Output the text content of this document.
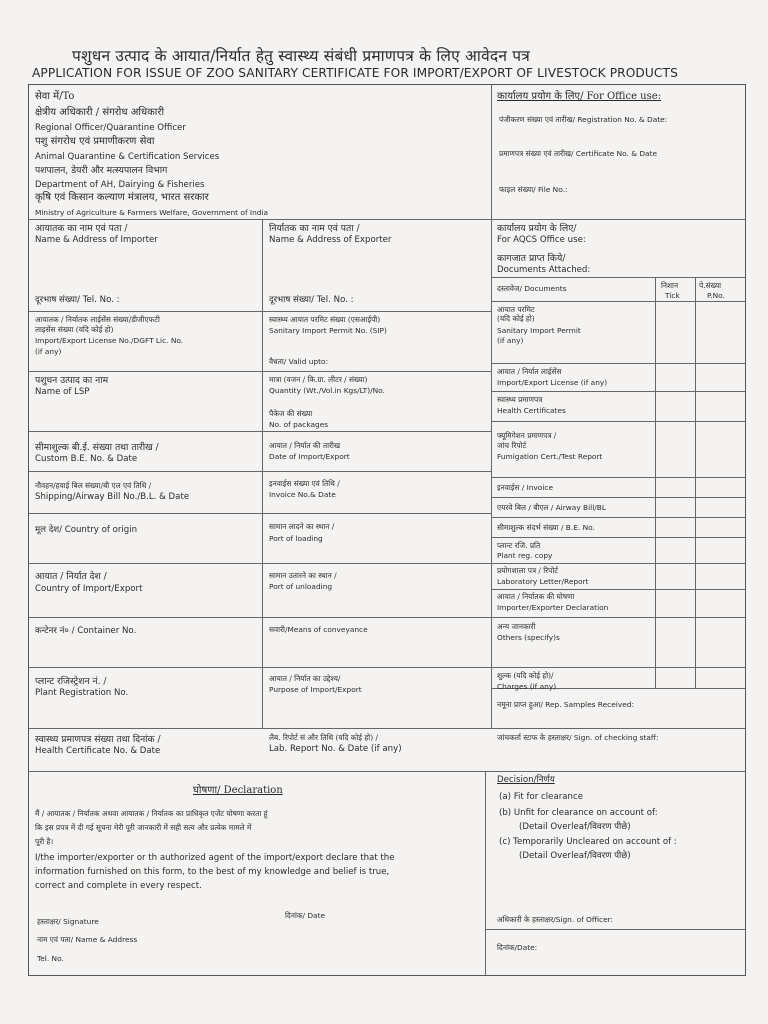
पशुधन उत्पाद के आयात/निर्यात हेतु स्वास्थ्य संबंधी प्रमाणपत्र के लिए आवेदन पत्र
APPLICATION FOR ISSUE OF ZOO SANITARY CERTIFICATE FOR IMPORT/EXPORT OF LIVESTOCK PRODUCTS
सेवा में/To
क्षेत्रीय अधिकारी / संगरोध अधिकारी
Regional Officer/Quarantine Officer
पशु संगरोध एवं प्रमाणीकरण सेवा
Animal Quarantine & Certification Services
पशपालन, डेयरी और मत्स्यपालन विभाग
Department of AH, Dairying & Fisheries
कृषि एवं किसान कल्याण मंत्रालय, भारत सरकार
Ministry of Agriculture & Farmers Welfare, Government of India
कार्यालय प्रयोग के लिए/ For Office use:
पंजीकरण संख्या एवं तारीख/ Registration No. & Date:
प्रमाणपत्र संख्या एवं तारीख/ Certificate No. & Date
फाइल संख्या/ File No.:
कार्यालय प्रयोग के लिए/
For AQCS Office use:
कागजात प्राप्त किये/
Documents Attached:
दस्तावेज/ Documents	निशान
Tick
पे.संख्या
P.No.
आयातक का नाम एवं पता /
Name & Address of Importer
दूरभाष संख्या/ Tel. No. :
आयातक / निर्यातक लाईसेंस संख्या/डीजीएफटी
लाइसेंस संख्या (यदि कोई हो)
Import/Export License No./DGFT Lic. No.
(if any)
पशुधन उत्पाद का नाम
Name of LSP
सीमाशुल्क बी.ई. संख्या तथा तारीख /
Custom B.E. No. & Date
नौवहन/हवाई बिल संख्या/बी एल एवं तिथि /
Shipping/Airway Bill No./B.L. & Date
मूल देश/ Country of origin
आयात / निर्यात देश /
Country of Import/Export
कन्टेनर नं० / Container No.
प्लान्ट रजिस्ट्रेशन नं. /
Plant Registration No.
स्वास्थ्य प्रमाणपत्र संख्या तथा दिनांक /
Health Certificate No. & Date
निर्यातक का नाम एवं पता /
Name & Address of Exporter
दूरभाष संख्या/ Tel. No. :
स्वास्थ्य आयात परमिट संख्या (एसआईपी)
Sanitary Import Permit No. (SIP)
वैधता/ Valid upto:
मात्रा (वजन / कि.ग्रा. लीटर / संख्या)
Quantity (Wt./Vol.in Kgs/LT)/No.
पैकेज की संख्या
No. of packages
आयात / निर्यात की तारीख
Date of Import/Export
इनवाईस संख्या एवं तिथि /
Invoice No.& Date
सामान लादने का स्थान /
Port of loading
सामान उतारने का स्थान /
Port of unloading
सवारी/Means of conveyance
आयात / निर्यात का उद्देश्य/
Purpose of Import/Export
लैब. रिपोर्ट सं और तिथि (यदि कोई हो) /
Lab. Report No. & Date (if any)
आयात परमिट
(यदि कोई हो)
Sanitary Import Permit
(if any)
आयात / निर्यात लाईसेंस
Import/Export License (if any)
स्वास्थ्य प्रमाणपत्र
Health Certificates
फ्यूमिगेशन प्रमाणपत्र /
जांच रिपोर्ट
Fumigation Cert./Test Report
इनवाईस / Invoice
एयरवे बिल / बीएल / Airway Bill/BL
सीमाशुल्क संदर्भ संख्या / B.E. No.
प्लान्ट रजि. प्रति
Plant reg. copy
प्रयोगशाला पत्र / रिपोर्ट
Laboratory Letter/Report
आयात / निर्यातक की घोषणा
Importer/Exporter Declaration
अन्य जानकारी
Others (specify)s
शुल्क (यदि कोई हो)/
Charges (if any)
नमूना प्राप्त हुआ/ Rep. Samples Received:
जांचकर्ता स्टाफ के हस्ताक्षर/ Sign. of checking staff:
घोषणा/ Declaration
मैं / आयातक / निर्यातक अथवा आयातक / निर्यातक का प्राधिकृत एजेंट घोषणा करता हूं
कि इस प्रपत्र में दी गई सूचना मेरी पूरी जानकारी में सही सत्य और प्रत्येक मामले में
पूरी है।
I/the importer/exporter or th authorized agent of the import/export declare that the
information furnished on this form, to the best of my knowledge and belief is true,
correct and complete in every respect.
हस्ताक्षर/ Signature
दिनांक/ Date
नाम एवं पता/ Name & Address
Tel. No.
Decision/निर्णय
(a) Fit for clearance
(b) Unfit for clearance on account of:
(Detail Overleaf/विवरण पीछे)
(c) Temporarily Uncleared on account of :
(Detail Overleaf/विवरण पीछे)
अधिकारी के हस्ताक्षर/Sign. of Officer:
दिनांक/Date:
